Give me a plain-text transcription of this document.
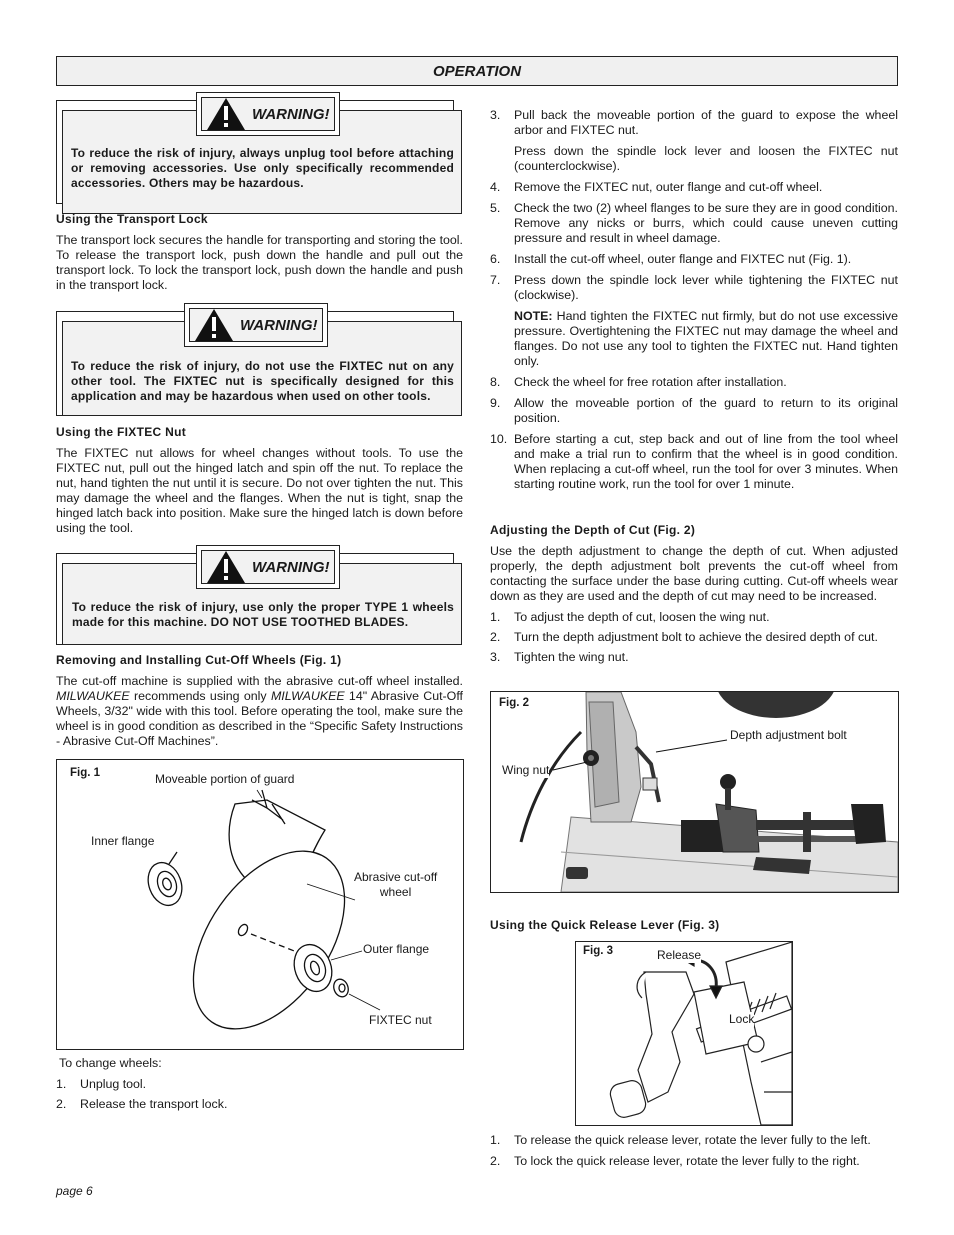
OPERATION
WARNING!
To reduce the risk of injury, always unplug tool before attaching or removing accessories. Use only specifically recommended accessories. Others may be hazardous.

Using the Transport Lock

The transport lock secures the handle for transporting and storing the tool. To release the transport lock, push down the handle and pull out the transport lock. To lock the transport lock, push down the handle and push in the transport lock.

WARNING!
To reduce the risk of injury, do not use the FIXTEC nut on any other tool. The FIXTEC nut is specifically designed for this application and may be hazardous when used on other tools.

Using the FIXTEC Nut

The FIXTEC nut allows for wheel changes without tools. To use the FIXTEC nut, pull out the hinged latch and spin off the nut. To replace the nut, hand tighten the nut until it is secure. Do not over tighten the nut. This may damage the wheel and the flanges. When the nut is tight, snap the hinged latch back into position. Make sure the hinged latch is down before using the tool.

WARNING!
To reduce the risk of injury, use only the proper TYPE 1 wheels made for this machine. DO NOT USE TOOTHED BLADES.

Removing and Installing Cut-Off Wheels (Fig. 1)

The cut-off machine is supplied with the abrasive cut-off wheel installed. MILWAUKEE recommends using only MILWAUKEE 14" Abrasive Cut-Off Wheels, 3/32" wide with this tool. Before operating the tool, make sure the wheel is in good condition as described in the “Specific Safety Instructions - Abrasive Cut-Off Machines”.

Fig. 1	Moveable portion of guard
Inner flange
Abrasive cut-off
wheel
Outer flange
FIXTEC nut

To change wheels:

1. Unplug tool.
2. Release the transport lock.
3. Pull back the moveable portion of the guard to expose the wheel arbor and FIXTEC nut.
Press down the spindle lock lever and loosen the FIXTEC nut (counterclockwise).
4. Remove the FIXTEC nut, outer flange and cut-off wheel.
5. Check the two (2) wheel flanges to be sure they are in good condition. Remove any nicks or burrs, which could cause uneven cutting pressure and result in wheel damage.
6. Install the cut-off wheel, outer flange and FIXTEC nut (Fig. 1).
7. Press down the spindle lock lever while tightening the FIXTEC nut (clockwise).
NOTE: Hand tighten the FIXTEC nut firmly, but do not use excessive pressure. Overtightening the FIXTEC nut may damage the wheel and flanges. Do not use any tool to tighten the FIXTEC nut. Hand tighten only.
8. Check the wheel for free rotation after installation.
9. Allow the moveable portion of the guard to return to its original position.
10. Before starting a cut, step back and out of line from the tool wheel and make a trial run to confirm that the wheel is in good condition. When replacing a cut-off wheel, run the tool for over 3 minutes. When starting routine work, run the tool for over 1 minute.

Adjusting the Depth of Cut (Fig. 2)

Use the depth adjustment to change the depth of cut. When adjusted properly, the depth adjustment bolt prevents the cut-off wheel from contacting the surface under the base during cutting. Cut-off wheels wear down as they are used and the depth of cut may need to be increased.

1. To adjust the depth of cut, loosen the wing nut.
2. Turn the depth adjustment bolt to achieve the desired depth of cut.
3. Tighten the wing nut.
Fig. 2
Depth adjustment bolt
Wing nut

Using the Quick Release Lever (Fig. 3)

Fig. 3	Release
Lock
1. To release the quick release lever, rotate the lever fully to the left.
2. To lock the quick release lever, rotate the lever fully to the right.
page 6
